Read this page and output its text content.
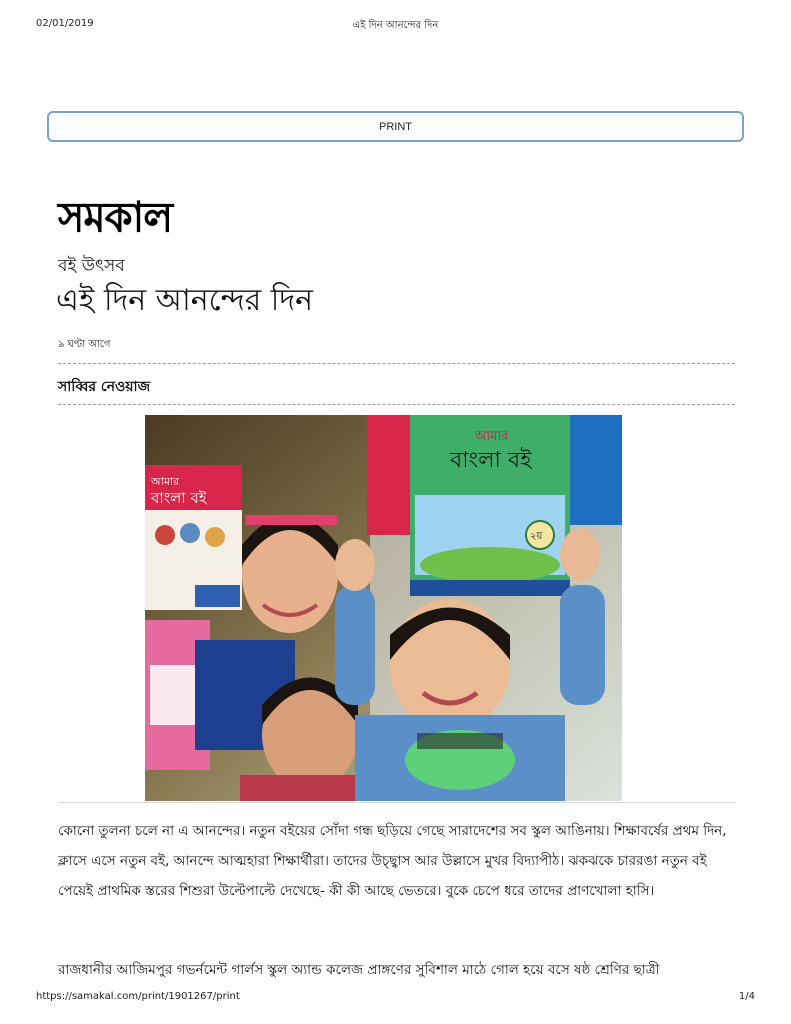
02/01/2019	এই দিন আনন্দের দিন
PRINT
সমকাল
বই উৎসব
এই দিন আনন্দের দিন
৯ ঘণ্টা আগে
সাব্বির নেওয়াজ
আমার
বাংলা বই
২য়
আমার
বাংলা বই

কোনো তুলনা চলে না এ আনন্দের। নতুন বইয়ের সোঁদা গন্ধ ছড়িয়ে গেছে সারাদেশের সব স্কুল আঙিনায়। শিক্ষাবর্ষের প্রথম দিন, ক্লাসে এসে নতুন বই, আনন্দে আত্মহারা শিক্ষার্থীরা। তাদের উচ্ছ্বাস আর উল্লাসে মুখর বিদ্যাপীঠ। ঝকঝকে চাররঙা নতুন বই পেয়েই প্রাথমিক স্তরের শিশুরা উল্টেপাল্টে দেখেছে- কী কী আছে ভেতরে। বুকে চেপে ধরে তাদের প্রাণখোলা হাসি।

রাজধানীর আজিমপুর গভর্নমেন্ট গার্লস স্কুল অ্যান্ড কলেজ প্রাঙ্গণের সুবিশাল মাঠে গোল হয়ে বসে ষষ্ঠ শ্রেণির ছাত্রী

https://samakal.com/print/1901267/print	1/4
